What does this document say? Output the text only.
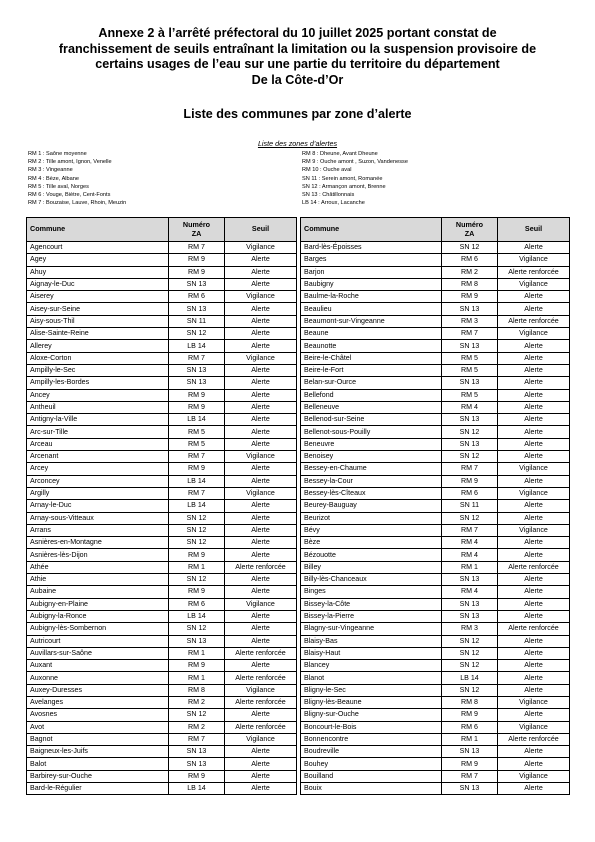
Annexe 2 à l’arrêté préfectoral du 10 juillet 2025 portant constat de
franchissement de seuils entraînant la limitation ou la suspension provisoire de
certains usages de l’eau sur une partie du territoire du département
De la Côte-d’Or
Liste des communes par zone d’alerte
Liste des zones d’alertes
RM 1 : Saône moyenne
RM 2 : Tille amont, Ignon, Venelle
RM 3 : Vingeanne
RM 4 : Bèze, Albane
RM 5 : Tille aval, Norges
RM 6 : Vouge, Biètre, Cent-Fonts
RM 7 : Bouzaise, Lauve, Rhoin, Meuzin
RM 8 : Dheune, Avant Dheune
RM 9 : Ouche amont , Suzon, Vandenesse
RM 10 : Ouche aval
SN 11 : Serein amont, Romanée
SN 12 : Armançon amont, Brenne
SN 13 : Châtillonnais
LB 14 : Arroux, Lacanche
Commune	Numéro
ZA	Seuil
Agencourt	RM 7	Vigilance
Agey	RM 9	Alerte
Ahuy	RM 9	Alerte
Aignay-le-Duc	SN 13	Alerte
Aiserey	RM 6	Vigilance
Aisey-sur-Seine	SN 13	Alerte
Aisy-sous-Thil	SN 11	Alerte
Alise-Sainte-Reine	SN 12	Alerte
Allerey	LB 14	Alerte
Aloxe-Corton	RM 7	Vigilance
Ampilly-le-Sec	SN 13	Alerte
Ampilly-les-Bordes	SN 13	Alerte
Ancey	RM 9	Alerte
Antheuil	RM 9	Alerte
Antigny-la-Ville	LB 14	Alerte
Arc-sur-Tille	RM 5	Alerte
Arceau	RM 5	Alerte
Arcenant	RM 7	Vigilance
Arcey	RM 9	Alerte
Arconcey	LB 14	Alerte
Argilly	RM 7	Vigilance
Arnay-le-Duc	LB 14	Alerte
Arnay-sous-Vitteaux	SN 12	Alerte
Arrans	SN 12	Alerte
Asnières-en-Montagne	SN 12	Alerte
Asnières-lès-Dijon	RM 9	Alerte
Athée	RM 1	Alerte renforcée
Athie	SN 12	Alerte
Aubaine	RM 9	Alerte
Aubigny-en-Plaine	RM 6	Vigilance
Aubigny-la-Ronce	LB 14	Alerte
Aubigny-lès-Sombernon	SN 12	Alerte
Autricourt	SN 13	Alerte
Auvillars-sur-Saône	RM 1	Alerte renforcée
Auxant	RM 9	Alerte
Auxonne	RM 1	Alerte renforcée
Auxey-Duresses	RM 8	Vigilance
Avelanges	RM 2	Alerte renforcée
Avosnes	SN 12	Alerte
Avot	RM 2	Alerte renforcée
Bagnot	RM 7	Vigilance
Baigneux-les-Juifs	SN 13	Alerte
Balot	SN 13	Alerte
Barbirey-sur-Ouche	RM 9	Alerte
Bard-le-Régulier	LB 14	Alerte
Commune	Numéro
ZA	Seuil
Bard-lès-Époisses	SN 12	Alerte
Barges	RM 6	Vigilance
Barjon	RM 2	Alerte renforcée
Baubigny	RM 8	Vigilance
Baulme-la-Roche	RM 9	Alerte
Beaulieu	SN 13	Alerte
Beaumont-sur-Vingeanne	RM 3	Alerte renforcée
Beaune	RM 7	Vigilance
Beaunotte	SN 13	Alerte
Beire-le-Châtel	RM 5	Alerte
Beire-le-Fort	RM 5	Alerte
Belan-sur-Ource	SN 13	Alerte
Bellefond	RM 5	Alerte
Belleneuve	RM 4	Alerte
Bellenod-sur-Seine	SN 13	Alerte
Bellenot-sous-Pouilly	SN 12	Alerte
Beneuvre	SN 13	Alerte
Benoisey	SN 12	Alerte
Bessey-en-Chaume	RM 7	Vigilance
Bessey-la-Cour	RM 9	Alerte
Bessey-lès-Cîteaux	RM 6	Vigilance
Beurey-Bauguay	SN 11	Alerte
Beurizot	SN 12	Alerte
Bévy	RM 7	Vigilance
Bèze	RM 4	Alerte
Bézouotte	RM 4	Alerte
Billey	RM 1	Alerte renforcée
Billy-lès-Chanceaux	SN 13	Alerte
Binges	RM 4	Alerte
Bissey-la-Côte	SN 13	Alerte
Bissey-la-Pierre	SN 13	Alerte
Blagny-sur-Vingeanne	RM 3	Alerte renforcée
Blaisy-Bas	SN 12	Alerte
Blaisy-Haut	SN 12	Alerte
Blancey	SN 12	Alerte
Blanot	LB 14	Alerte
Bligny-le-Sec	SN 12	Alerte
Bligny-lès-Beaune	RM 8	Vigilance
Bligny-sur-Ouche	RM 9	Alerte
Boncourt-le-Bois	RM 6	Vigilance
Bonnencontre	RM 1	Alerte renforcée
Boudreville	SN 13	Alerte
Bouhey	RM 9	Alerte
Bouilland	RM 7	Vigilance
Bouix	SN 13	Alerte
